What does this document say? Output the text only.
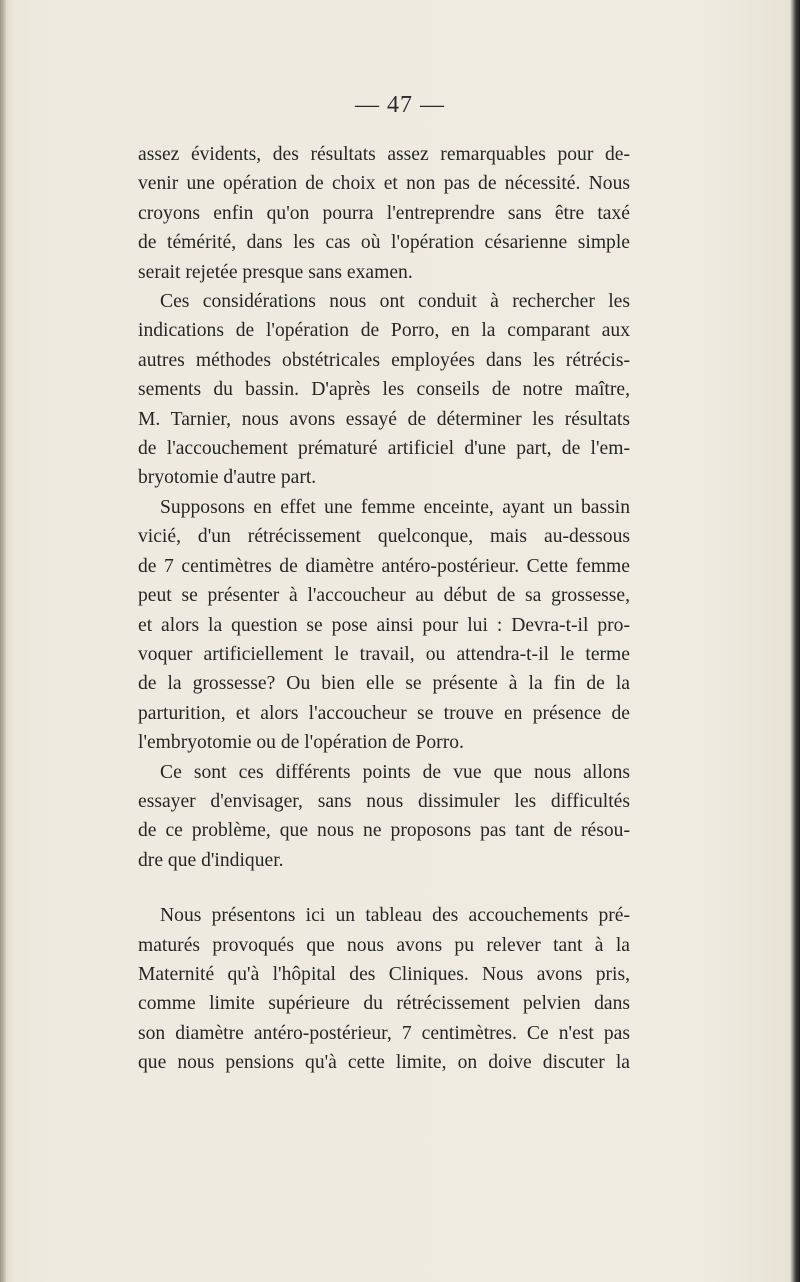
— 47 —

assez évidents, des résultats assez remarquables pour de-
venir une opération de choix et non pas de nécessité. Nous
croyons enfin qu'on pourra l'entreprendre sans être taxé
de témérité, dans les cas où l'opération césarienne simple
serait rejetée presque sans examen.

Ces considérations nous ont conduit à rechercher les
indications de l'opération de Porro, en la comparant aux
autres méthodes obstétricales employées dans les rétrécis-
sements du bassin. D'après les conseils de notre maître,
M. Tarnier, nous avons essayé de déterminer les résultats
de l'accouchement prématuré artificiel d'une part, de l'em-
bryotomie d'autre part.

Supposons en effet une femme enceinte, ayant un bassin
vicié, d'un rétrécissement quelconque, mais au-dessous
de 7 centimètres de diamètre antéro-postérieur. Cette femme
peut se présenter à l'accoucheur au début de sa grossesse,
et alors la question se pose ainsi pour lui : Devra-t-il pro-
voquer artificiellement le travail, ou attendra-t-il le terme
de la grossesse? Ou bien elle se présente à la fin de la
parturition, et alors l'accoucheur se trouve en présence de
l'embryotomie ou de l'opération de Porro.

Ce sont ces différents points de vue que nous allons
essayer d'envisager, sans nous dissimuler les difficultés
de ce problème, que nous ne proposons pas tant de résou-
dre que d'indiquer.

Nous présentons ici un tableau des accouchements pré-
maturés provoqués que nous avons pu relever tant à la
Maternité qu'à l'hôpital des Cliniques. Nous avons pris,
comme limite supérieure du rétrécissement pelvien dans
son diamètre antéro-postérieur, 7 centimètres. Ce n'est pas
que nous pensions qu'à cette limite, on doive discuter la
